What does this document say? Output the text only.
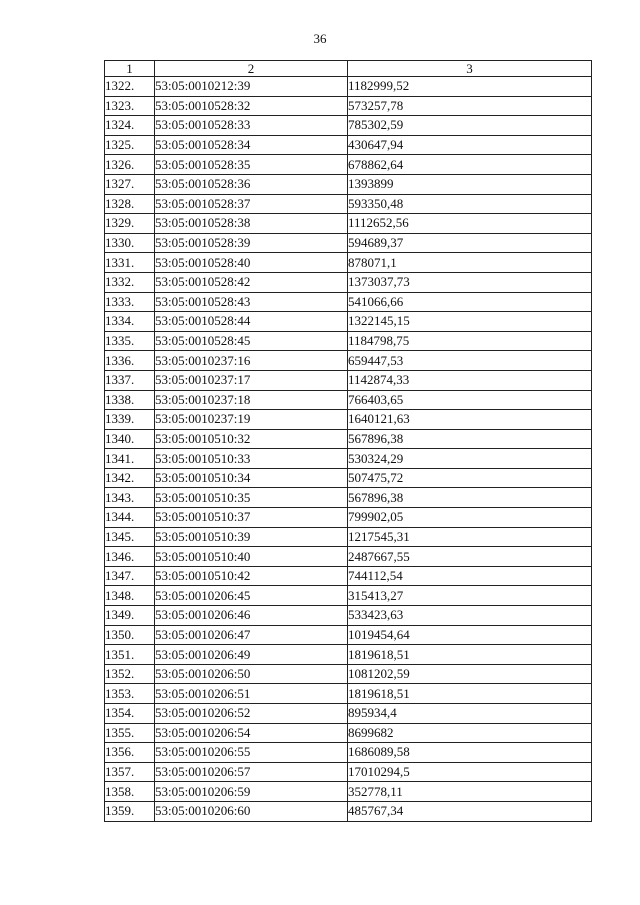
36
1	2	3
1322.	53:05:0010212:39	1182999,52
1323.	53:05:0010528:32	573257,78
1324.	53:05:0010528:33	785302,59
1325.	53:05:0010528:34	430647,94
1326.	53:05:0010528:35	678862,64
1327.	53:05:0010528:36	1393899
1328.	53:05:0010528:37	593350,48
1329.	53:05:0010528:38	1112652,56
1330.	53:05:0010528:39	594689,37
1331.	53:05:0010528:40	878071,1
1332.	53:05:0010528:42	1373037,73
1333.	53:05:0010528:43	541066,66
1334.	53:05:0010528:44	1322145,15
1335.	53:05:0010528:45	1184798,75
1336.	53:05:0010237:16	659447,53
1337.	53:05:0010237:17	1142874,33
1338.	53:05:0010237:18	766403,65
1339.	53:05:0010237:19	1640121,63
1340.	53:05:0010510:32	567896,38
1341.	53:05:0010510:33	530324,29
1342.	53:05:0010510:34	507475,72
1343.	53:05:0010510:35	567896,38
1344.	53:05:0010510:37	799902,05
1345.	53:05:0010510:39	1217545,31
1346.	53:05:0010510:40	2487667,55
1347.	53:05:0010510:42	744112,54
1348.	53:05:0010206:45	315413,27
1349.	53:05:0010206:46	533423,63
1350.	53:05:0010206:47	1019454,64
1351.	53:05:0010206:49	1819618,51
1352.	53:05:0010206:50	1081202,59
1353.	53:05:0010206:51	1819618,51
1354.	53:05:0010206:52	895934,4
1355.	53:05:0010206:54	8699682
1356.	53:05:0010206:55	1686089,58
1357.	53:05:0010206:57	17010294,5
1358.	53:05:0010206:59	352778,11
1359.	53:05:0010206:60	485767,34
